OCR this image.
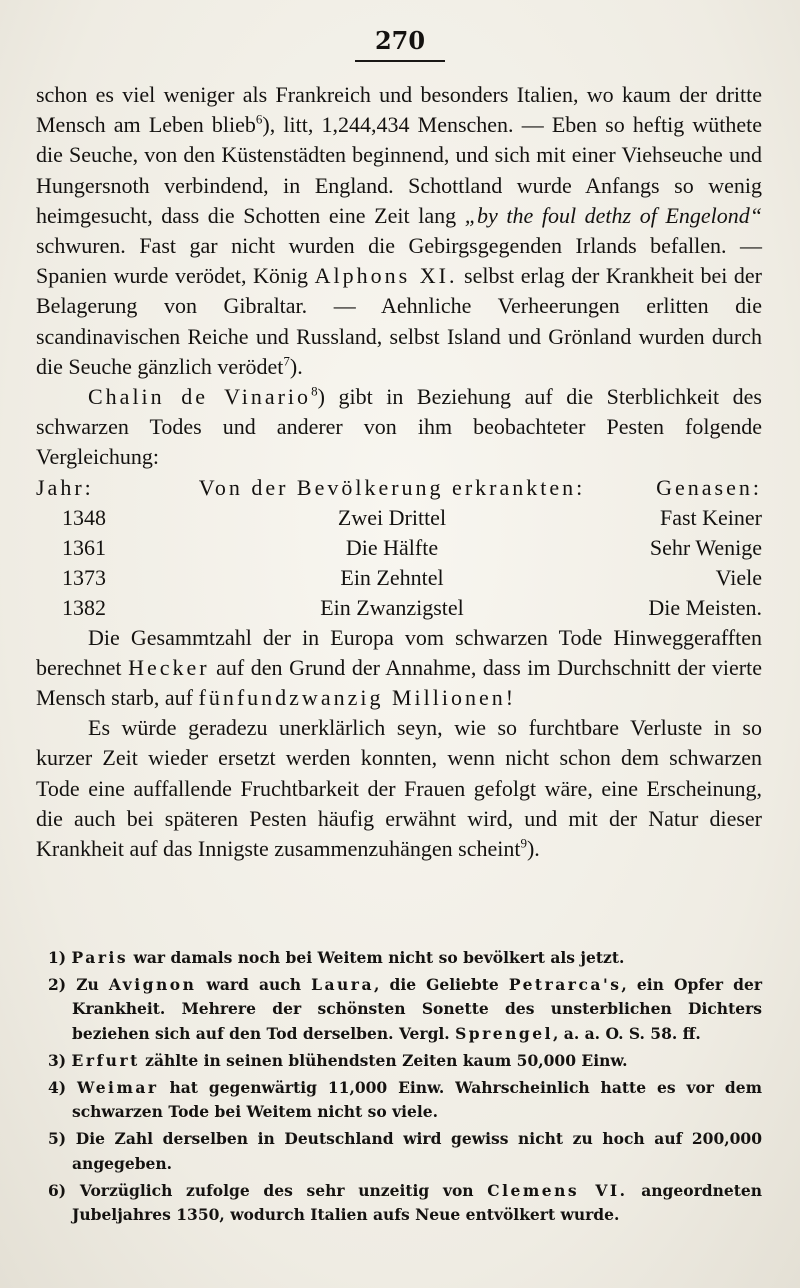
270

schon es viel weniger als Frankreich und besonders Italien, wo kaum der dritte Mensch am Leben blieb$^6$), litt, 1,244,434 Menschen. — Eben so heftig wüthete die Seuche, von den Küstenstädten beginnend, und sich mit einer Viehseuche und Hungersnoth verbindend, in England. Schottland wurde Anfangs so wenig heimgesucht, dass die Schotten eine Zeit lang „by the foul dethz of Engelond“ schwuren. Fast gar nicht wurden die Gebirgsgegenden Irlands befallen. — Spanien wurde verödet, König Alphons XI. selbst erlag der Krankheit bei der Belagerung von Gibraltar. — Aehnliche Verheerungen erlitten die scandinavischen Reiche und Russland, selbst Island und Grönland wurden durch die Seuche gänzlich verödet$^7$).

Chalin de Vinario$^8$) gibt in Beziehung auf die Sterblichkeit des schwarzen Todes und anderer von ihm beobachteter Pesten folgende Vergleichung:

Jahr:	Von der Bevölkerung erkrankten:	Genasen:
1348	Zwei Drittel	Fast Keiner
1361	Die Hälfte	Sehr Wenige
1373	Ein Zehntel	Viele
1382	Ein Zwanzigstel	Die Meisten.

Die Gesammtzahl der in Europa vom schwarzen Tode Hinweggerafften berechnet Hecker auf den Grund der Annahme, dass im Durchschnitt der vierte Mensch starb, auf fünfundzwanzig Millionen!

Es würde geradezu unerklärlich seyn, wie so furchtbare Verluste in so kurzer Zeit wieder ersetzt werden konnten, wenn nicht schon dem schwarzen Tode eine auffallende Fruchtbarkeit der Frauen gefolgt wäre, eine Erscheinung, die auch bei späteren Pesten häufig erwähnt wird, und mit der Natur dieser Krankheit auf das Innigste zusammenzuhängen scheint$^9$).

1) Paris war damals noch bei Weitem nicht so bevölkert als jetzt.

2) Zu Avignon ward auch Laura, die Geliebte Petrarca's, ein Opfer der Krankheit. Mehrere der schönsten Sonette des unsterblichen Dichters beziehen sich auf den Tod derselben. Vergl. Sprengel, a. a. O. S. 58. ff.

3) Erfurt zählte in seinen blühendsten Zeiten kaum 50,000 Einw.

4) Weimar hat gegenwärtig 11,000 Einw. Wahrscheinlich hatte es vor dem schwarzen Tode bei Weitem nicht so viele.

5) Die Zahl derselben in Deutschland wird gewiss nicht zu hoch auf 200,000 angegeben.

6) Vorzüglich zufolge des sehr unzeitig von Clemens VI. angeordneten Jubeljahres 1350, wodurch Italien aufs Neue entvölkert wurde.
